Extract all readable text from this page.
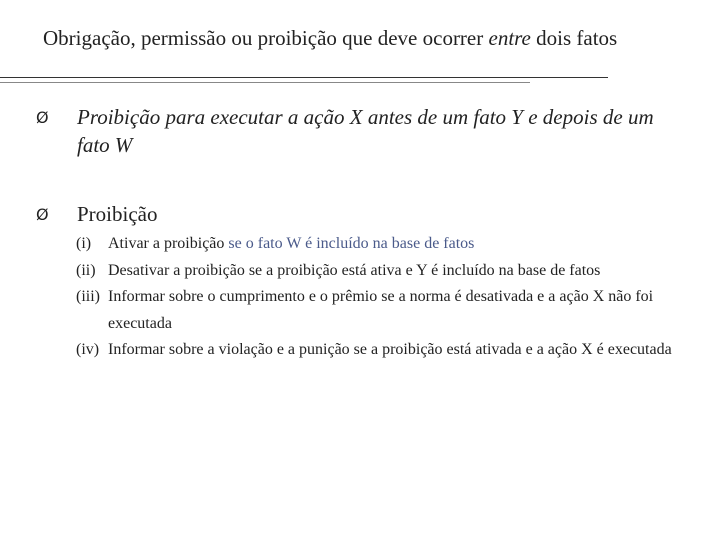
Obrigação, permissão ou proibição que deve ocorrer entre dois fatos
Ø Proibição para executar a ação X antes de um fato Y e depois de um fato W
Ø Proibição
(i) Ativar a proibição se o fato W é incluído na base de fatos
(ii) Desativar a proibição se a proibição está ativa e Y é incluído na base de fatos
(iii) Informar sobre o cumprimento e o prêmio se a norma é desativada e a ação X não foi executada
(iv) Informar sobre a violação e a punição se a proibição está ativada e a ação X é executada
